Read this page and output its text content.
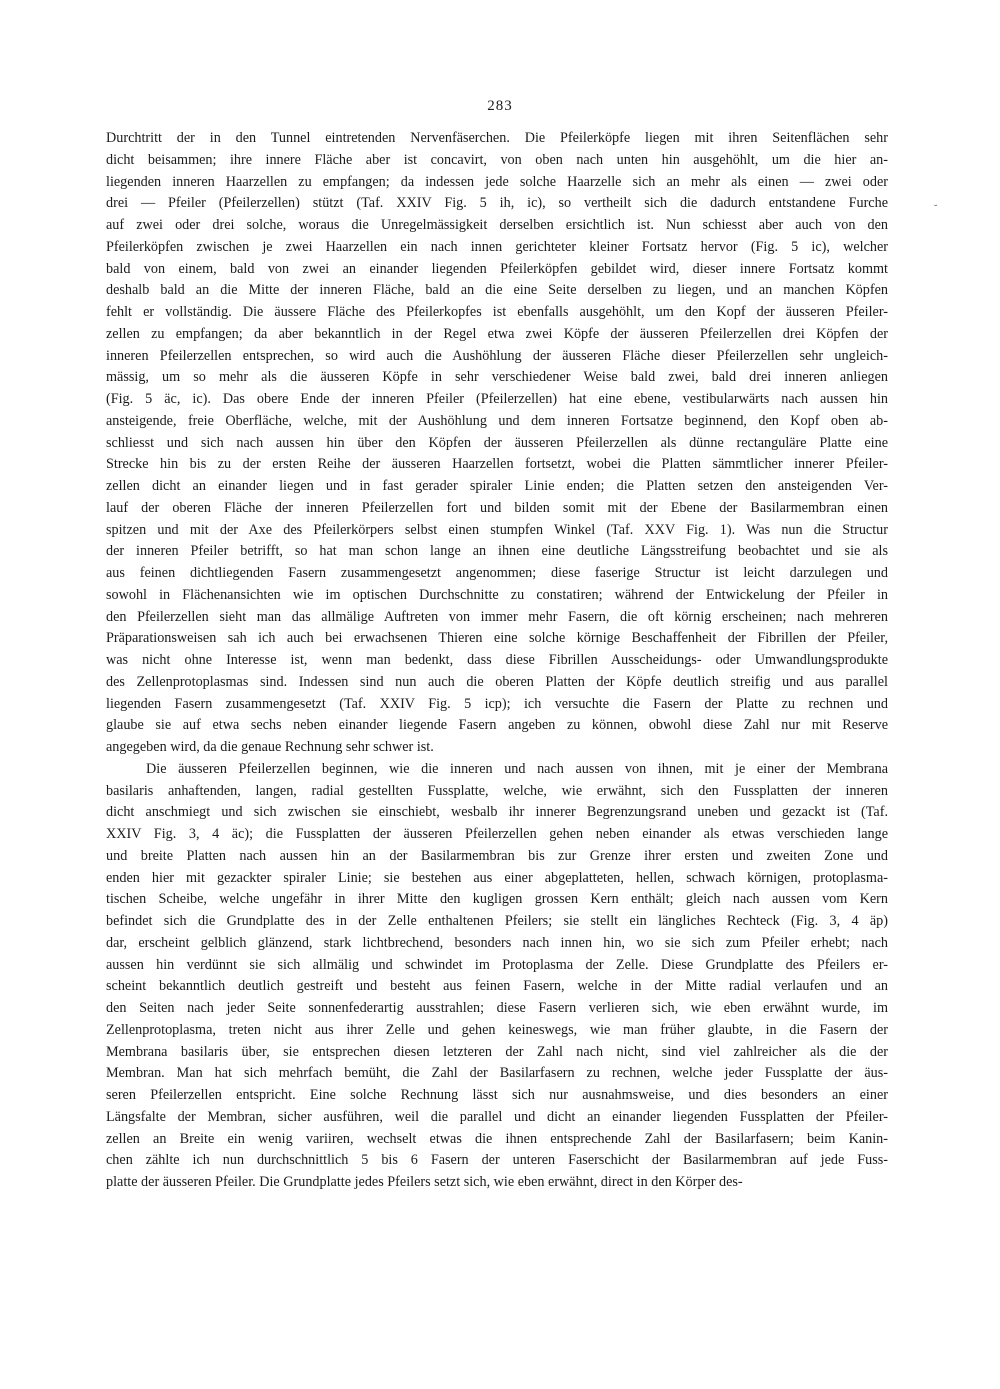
283
˘
Durchtritt der in den Tunnel eintretenden Nervenfäserchen. Die Pfeilerköpfe liegen mit ihren Seitenflächen sehr
dicht beisammen; ihre innere Fläche aber ist concavirt, von oben nach unten hin ausgehöhlt, um die hier an-
liegenden inneren Haarzellen zu empfangen; da indessen jede solche Haarzelle sich an mehr als einen — zwei oder
drei — Pfeiler (Pfeilerzellen) stützt (Taf. XXIV Fig. 5 ih, ic), so vertheilt sich die dadurch entstandene Furche
auf zwei oder drei solche, woraus die Unregelmässigkeit derselben ersichtlich ist. Nun schiesst aber auch von den
Pfeilerköpfen zwischen je zwei Haarzellen ein nach innen gerichteter kleiner Fortsatz hervor (Fig. 5 ic), welcher
bald von einem, bald von zwei an einander liegenden Pfeilerköpfen gebildet wird, dieser innere Fortsatz kommt
deshalb bald an die Mitte der inneren Fläche, bald an die eine Seite derselben zu liegen, und an manchen Köpfen
fehlt er vollständig. Die äussere Fläche des Pfeilerkopfes ist ebenfalls ausgehöhlt, um den Kopf der äusseren Pfeiler-
zellen zu empfangen; da aber bekanntlich in der Regel etwa zwei Köpfe der äusseren Pfeilerzellen drei Köpfen der
inneren Pfeilerzellen entsprechen, so wird auch die Aushöhlung der äusseren Fläche dieser Pfeilerzellen sehr ungleich-
mässig, um so mehr als die äusseren Köpfe in sehr verschiedener Weise bald zwei, bald drei inneren anliegen
(Fig. 5 äc, ic). Das obere Ende der inneren Pfeiler (Pfeilerzellen) hat eine ebene, vestibularwärts nach aussen hin
ansteigende, freie Oberfläche, welche, mit der Aushöhlung und dem inneren Fortsatze beginnend, den Kopf oben ab-
schliesst und sich nach aussen hin über den Köpfen der äusseren Pfeilerzellen als dünne rectanguläre Platte eine
Strecke hin bis zu der ersten Reihe der äusseren Haarzellen fortsetzt, wobei die Platten sämmtlicher innerer Pfeiler-
zellen dicht an einander liegen und in fast gerader spiraler Linie enden; die Platten setzen den ansteigenden Ver-
lauf der oberen Fläche der inneren Pfeilerzellen fort und bilden somit mit der Ebene der Basilarmembran einen
spitzen und mit der Axe des Pfeilerkörpers selbst einen stumpfen Winkel (Taf. XXV Fig. 1). Was nun die Structur
der inneren Pfeiler betrifft, so hat man schon lange an ihnen eine deutliche Längsstreifung beobachtet und sie als
aus feinen dichtliegenden Fasern zusammengesetzt angenommen; diese faserige Structur ist leicht darzulegen und
sowohl in Flächenansichten wie im optischen Durchschnitte zu constatiren; während der Entwickelung der Pfeiler in
den Pfeilerzellen sieht man das allmälige Auftreten von immer mehr Fasern, die oft körnig erscheinen; nach mehreren
Präparationsweisen sah ich auch bei erwachsenen Thieren eine solche körnige Beschaffenheit der Fibrillen der Pfeiler,
was nicht ohne Interesse ist, wenn man bedenkt, dass diese Fibrillen Ausscheidungs- oder Umwandlungsprodukte
des Zellenprotoplasmas sind. Indessen sind nun auch die oberen Platten der Köpfe deutlich streifig und aus parallel
liegenden Fasern zusammengesetzt (Taf. XXIV Fig. 5 icp); ich versuchte die Fasern der Platte zu rechnen und
glaube sie auf etwa sechs neben einander liegende Fasern angeben zu können, obwohl diese Zahl nur mit Reserve
angegeben wird, da die genaue Rechnung sehr schwer ist.
Die äusseren Pfeilerzellen beginnen, wie die inneren und nach aussen von ihnen, mit je einer der Membrana
basilaris anhaftenden, langen, radial gestellten Fussplatte, welche, wie erwähnt, sich den Fussplatten der inneren
dicht anschmiegt und sich zwischen sie einschiebt, wesbalb ihr innerer Begrenzungsrand uneben und gezackt ist (Taf.
XXIV Fig. 3, 4 äc); die Fussplatten der äusseren Pfeilerzellen gehen neben einander als etwas verschieden lange
und breite Platten nach aussen hin an der Basilarmembran bis zur Grenze ihrer ersten und zweiten Zone und
enden hier mit gezackter spiraler Linie; sie bestehen aus einer abgeplatteten, hellen, schwach körnigen, protoplasma-
tischen Scheibe, welche ungefähr in ihrer Mitte den kugligen grossen Kern enthält; gleich nach aussen vom Kern
befindet sich die Grundplatte des in der Zelle enthaltenen Pfeilers; sie stellt ein längliches Rechteck (Fig. 3, 4 äp)
dar, erscheint gelblich glänzend, stark lichtbrechend, besonders nach innen hin, wo sie sich zum Pfeiler erhebt; nach
aussen hin verdünnt sie sich allmälig und schwindet im Protoplasma der Zelle. Diese Grundplatte des Pfeilers er-
scheint bekanntlich deutlich gestreift und besteht aus feinen Fasern, welche in der Mitte radial verlaufen und an
den Seiten nach jeder Seite sonnenfederartig ausstrahlen; diese Fasern verlieren sich, wie eben erwähnt wurde, im
Zellenprotoplasma, treten nicht aus ihrer Zelle und gehen keineswegs, wie man früher glaubte, in die Fasern der
Membrana basilaris über, sie entsprechen diesen letzteren der Zahl nach nicht, sind viel zahlreicher als die der
Membran. Man hat sich mehrfach bemüht, die Zahl der Basilarfasern zu rechnen, welche jeder Fussplatte der äus-
seren Pfeilerzellen entspricht. Eine solche Rechnung lässt sich nur ausnahmsweise, und dies besonders an einer
Längsfalte der Membran, sicher ausführen, weil die parallel und dicht an einander liegenden Fussplatten der Pfeiler-
zellen an Breite ein wenig variiren, wechselt etwas die ihnen entsprechende Zahl der Basilarfasern; beim Kanin-
chen zählte ich nun durchschnittlich 5 bis 6 Fasern der unteren Faserschicht der Basilarmembran auf jede Fuss-
platte der äusseren Pfeiler. Die Grundplatte jedes Pfeilers setzt sich, wie eben erwähnt, direct in den Körper des-
